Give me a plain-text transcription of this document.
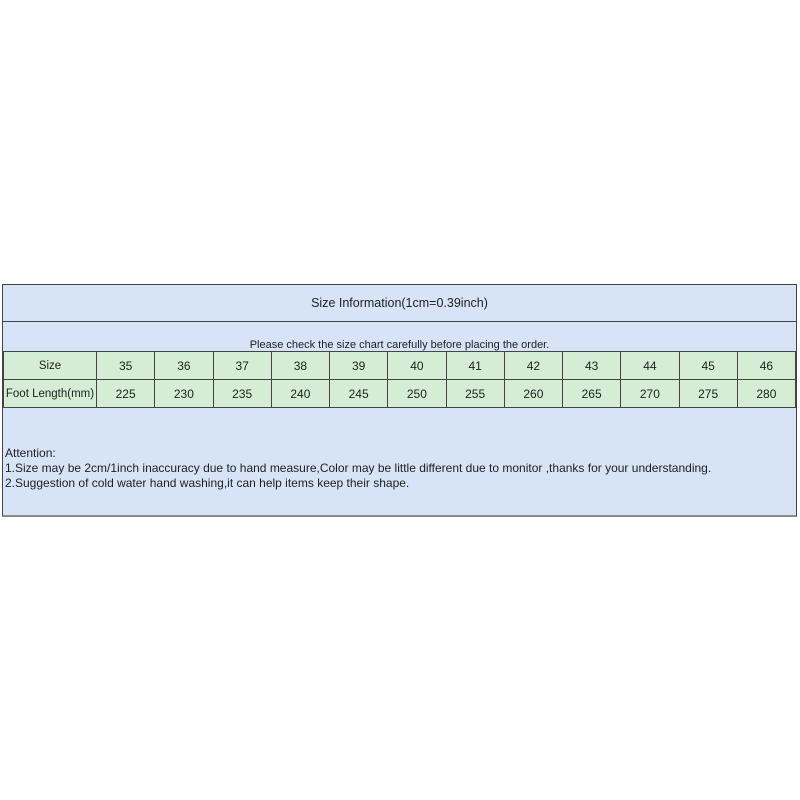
Size Information(1cm=0.39inch)
Please check the size chart carefully before placing the order.
Size	35	36	37	38	39	40	41	42	43	44	45	46
Foot Length(mm)	225	230	235	240	245	250	255	260	265	270	275	280
Attention:
1.Size may be 2cm/1inch inaccuracy due to hand measure,Color may be little different due to monitor ,thanks for your understanding.
2.Suggestion of cold water hand washing,it can help items keep their shape.
